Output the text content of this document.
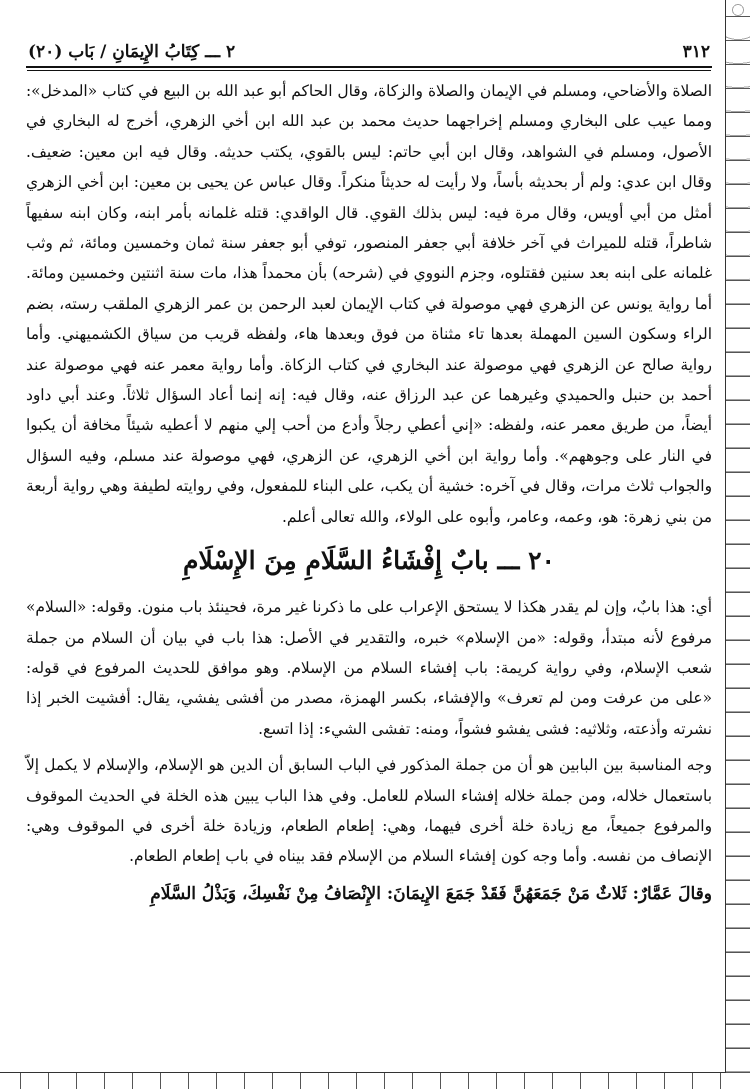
٣١٢
٢ ـــ كِتَابُ الإِيمَانِ / بَاب (٢٠)

الصلاة والأضاحي، ومسلم في الإيمان والصلاة والزكاة، وقال الحاكم أبو عبد الله بن البيع في كتاب «المدخل»: ومما عيب على البخاري ومسلم إخراجهما حديث محمد بن عبد الله ابن أخي الزهري، أخرج له البخاري في الأصول، ومسلم في الشواهد، وقال ابن أبي حاتم: ليس بالقوي، يكتب حديثه. وقال فيه ابن معين: ضعيف. وقال ابن عدي: ولم أر بحديثه بأساً، ولا رأيت له حديثاً منكراً. وقال عباس عن يحيى بن معين: ابن أخي الزهري أمثل من أبي أويس، وقال مرة فيه: ليس بذلك القوي. قال الواقدي: قتله غلمانه بأمر ابنه، وكان ابنه سفيهاً شاطراً، قتله للميراث في آخر خلافة أبي جعفر المنصور، توفي أبو جعفر سنة ثمان وخمسين ومائة، ثم وثب غلمانه على ابنه بعد سنين فقتلوه، وجزم النووي في (شرحه) بأن محمداً هذا، مات سنة اثنتين وخمسين ومائة. أما رواية يونس عن الزهري فهي موصولة في كتاب الإيمان لعبد الرحمن بن عمر الزهري الملقب رسته، بضم الراء وسكون السين المهملة بعدها تاء مثناة من فوق وبعدها هاء، ولفظه قريب من سياق الكشميهني. وأما رواية صالح عن الزهري فهي موصولة عند البخاري في كتاب الزكاة. وأما رواية معمر عنه فهي موصولة عند أحمد بن حنبل والحميدي وغيرهما عن عبد الرزاق عنه، وقال فيه: إنه إنما أعاد السؤال ثلاثاً. وعند أبي داود أيضاً، من طريق معمر عنه، ولفظه: «إني أعطي رجلاً وأدع من أحب إلي منهم لا أعطيه شيئاً مخافة أن يكبوا في النار على وجوههم». وأما رواية ابن أخي الزهري، عن الزهري، فهي موصولة عند مسلم، وفيه السؤال والجواب ثلاث مرات، وقال في آخره: خشية أن يكب، على البناء للمفعول، وفي روايته لطيفة وهي رواية أربعة من بني زهرة: هو، وعمه، وعامر، وأبوه على الولاء، والله تعالى أعلم.

٢٠ ـــ بابٌ إِفْشَاءُ السَّلَامِ مِنَ الإِسْلَامِ

أي: هذا بابٌ، وإن لم يقدر هكذا لا يستحق الإعراب على ما ذكرنا غير مرة، فحينئذ باب منون. وقوله: «السلام» مرفوع لأنه مبتدأ، وقوله: «من الإسلام» خبره، والتقدير في الأصل: هذا باب في بيان أن السلام من جملة شعب الإسلام، وفي رواية كريمة: باب إفشاء السلام من الإسلام. وهو موافق للحديث المرفوع في قوله: «على من عرفت ومن لم تعرف» والإفشاء، بكسر الهمزة، مصدر من أفشى يفشي، يقال: أفشيت الخبر إذا نشرته وأذعته، وثلاثيه: فشى يفشو فشواً، ومنه: تفشى الشيء: إذا اتسع.

وجه المناسبة بين البابين هو أن من جملة المذكور في الباب السابق أن الدين هو الإسلام، والإسلام لا يكمل إلاّ باستعمال خلاله، ومن جملة خلاله إفشاء السلام للعامل. وفي هذا الباب يبين هذه الخلة في الحديث الموقوف والمرفوع جميعاً، مع زيادة خلة أخرى فيهما، وهي: إطعام الطعام، وزيادة خلة أخرى في الموقوف وهي: الإنصاف من نفسه. وأما وجه كون إفشاء السلام من الإسلام فقد بيناه في باب إطعام الطعام.

وقالَ عَمَّارٌ: ثَلاثٌ مَنْ جَمَعَهُنَّ فَقَدْ جَمَعَ الإِيمَانَ: الإِنْصَافُ مِنْ نَفْسِكَ، وَبَذْلُ السَّلَامِ
